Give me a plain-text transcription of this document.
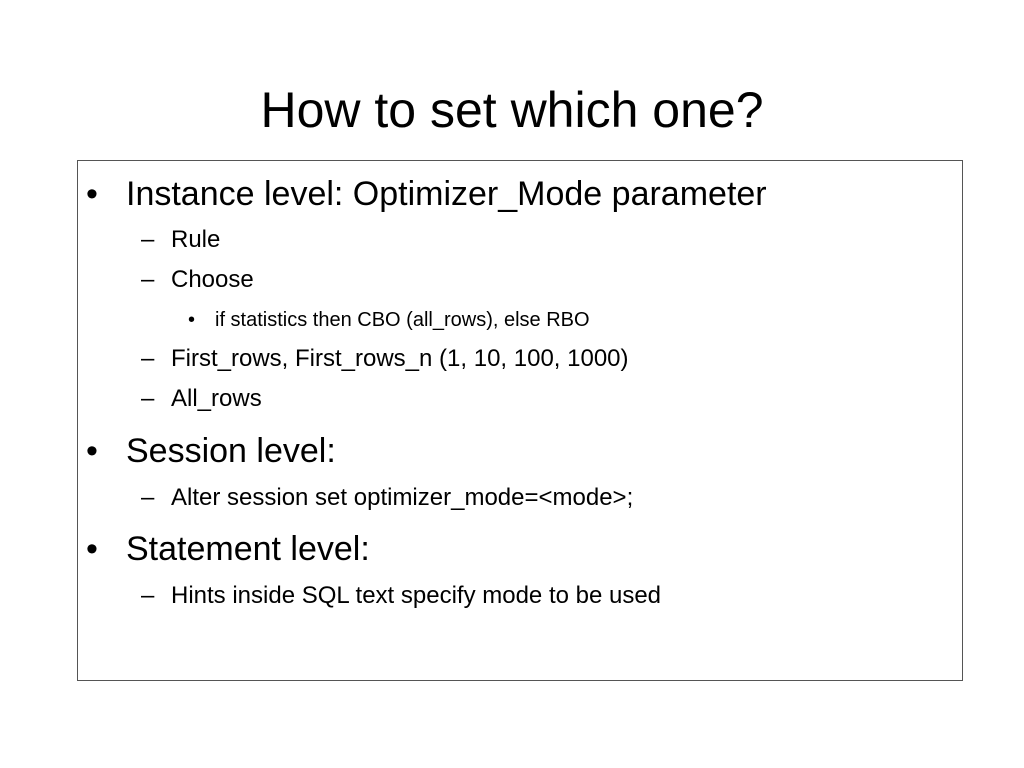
How to set which one?
• Instance level: Optimizer_Mode parameter
– Rule
– Choose
• if statistics then CBO (all_rows), else RBO
– First_rows, First_rows_n (1, 10, 100, 1000)
– All_rows
• Session level:
– Alter session set optimizer_mode=<mode>;
• Statement level:
– Hints inside SQL text specify mode to be used
